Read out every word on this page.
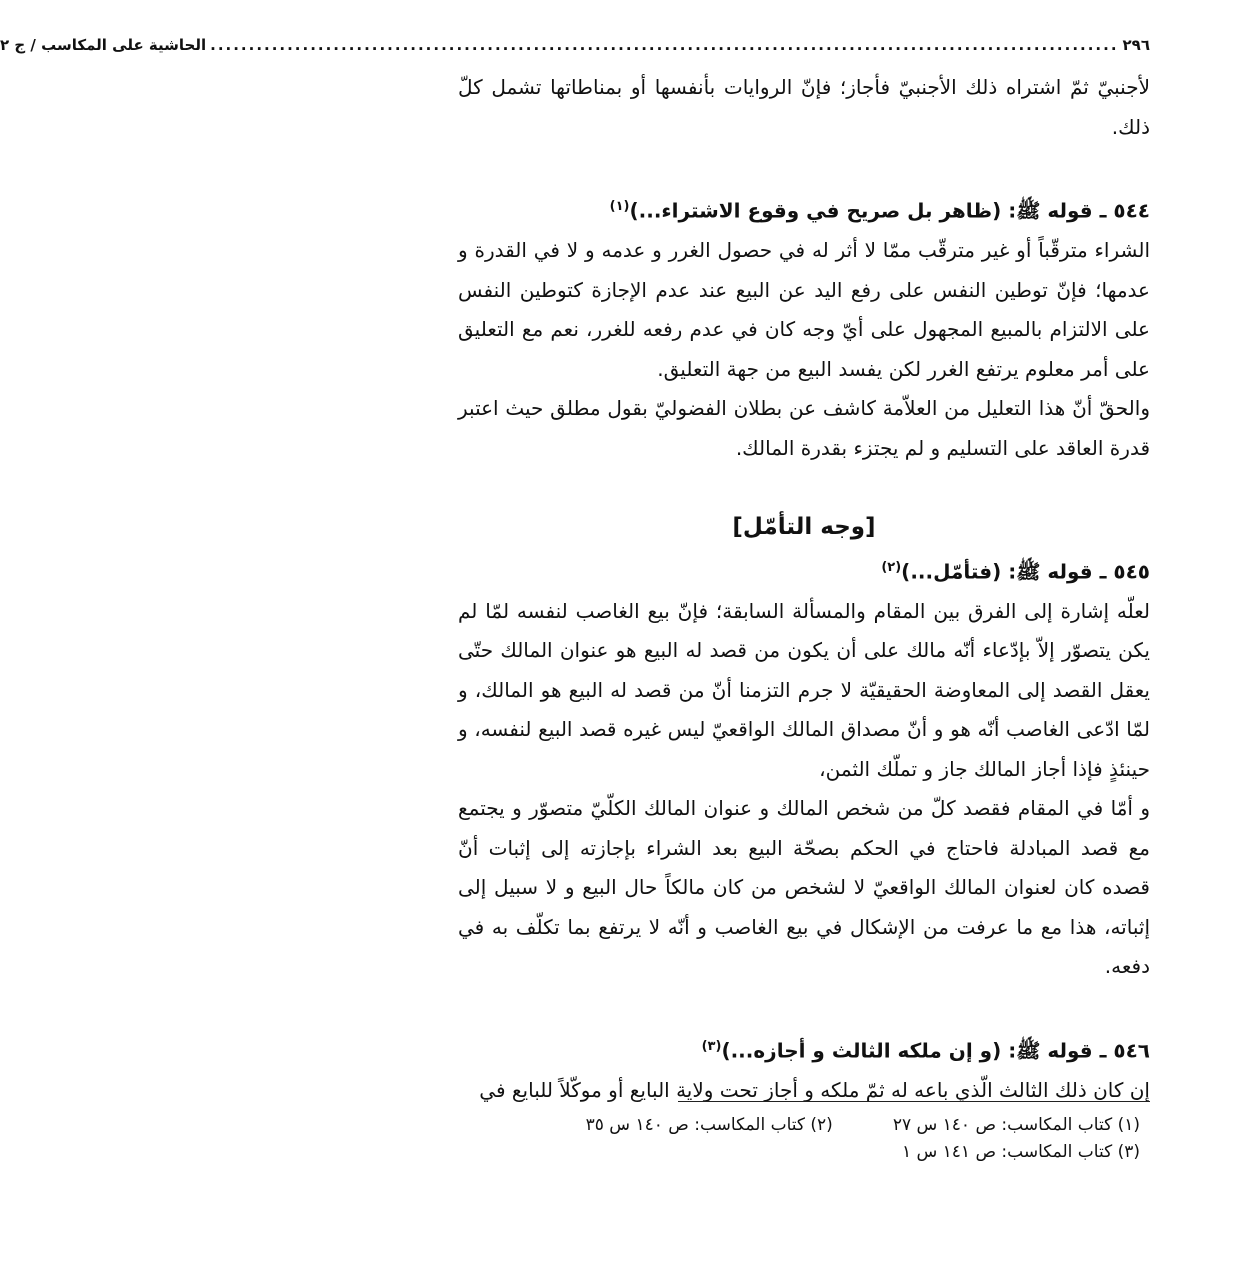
٢٩٦
......................................................................................................................
الحاشية على المكاسب / ج ٢

لأجنبيّ ثمّ اشتراه ذلك الأجنبيّ فأجاز؛ فإنّ الروايات بأنفسها أو بمناطاتها تشمل كلّ ذلك.

٥٤٤ ـ قوله ﷺ: (ظاهر بل صريح في وقوع الاشتراء...)$^{(١)}$

الشراء مترقّباً أو غير مترقّب ممّا لا أثر له في حصول الغرر و عدمه و لا في القدرة و عدمها؛ فإنّ توطين النفس على رفع اليد عن البيع عند عدم الإجازة كتوطين النفس على الالتزام بالمبيع المجهول على أيّ وجه كان في عدم رفعه للغرر، نعم مع التعليق على أمر معلوم يرتفع الغرر لكن يفسد البيع من جهة التعليق.

والحقّ أنّ هذا التعليل من العلاّمة كاشف عن بطلان الفضوليّ بقول مطلق حيث اعتبر قدرة العاقد على التسليم و لم يجتزء بقدرة المالك.

[وجه التأمّل]

٥٤٥ ـ قوله ﷺ: (فتأمّل...)$^{(٢)}$

لعلّه إشارة إلى الفرق بين المقام والمسألة السابقة؛ فإنّ بيع الغاصب لنفسه لمّا لم يكن يتصوّر إلاّ بإدّعاء أنّه مالك على أن يكون من قصد له البيع هو عنوان المالك حتّى يعقل القصد إلى المعاوضة الحقيقيّة لا جرم التزمنا أنّ من قصد له البيع هو المالك، و لمّا ادّعى الغاصب أنّه هو و أنّ مصداق المالك الواقعيّ ليس غيره قصد البيع لنفسه، و حينئذٍ فإذا أجاز المالك جاز و تملّك الثمن،

و أمّا في المقام فقصد كلّ من شخص المالك و عنوان المالك الكلّيّ متصوّر و يجتمع مع قصد المبادلة فاحتاج في الحكم بصحّة البيع بعد الشراء بإجازته إلى إثبات أنّ قصده كان لعنوان المالك الواقعيّ لا لشخص من كان مالكاً حال البيع و لا سبيل إلى إثباته، هذا مع ما عرفت من الإشكال في بيع الغاصب و أنّه لا يرتفع بما تكلّف به في دفعه.

٥٤٦ ـ قوله ﷺ: (و إن ملكه الثالث و أجازه...)$^{(٣)}$

إن كان ذلك الثالث الّذي باعه له ثمّ ملكه و أجاز تحت ولاية البايع أو موكّلاً للبايع في

(١) كتاب المكاسب: ص ١٤٠ س ٢٧
(٢) كتاب المكاسب: ص ١٤٠ س ٣٥
(٣) كتاب المكاسب: ص ١٤١ س ١
